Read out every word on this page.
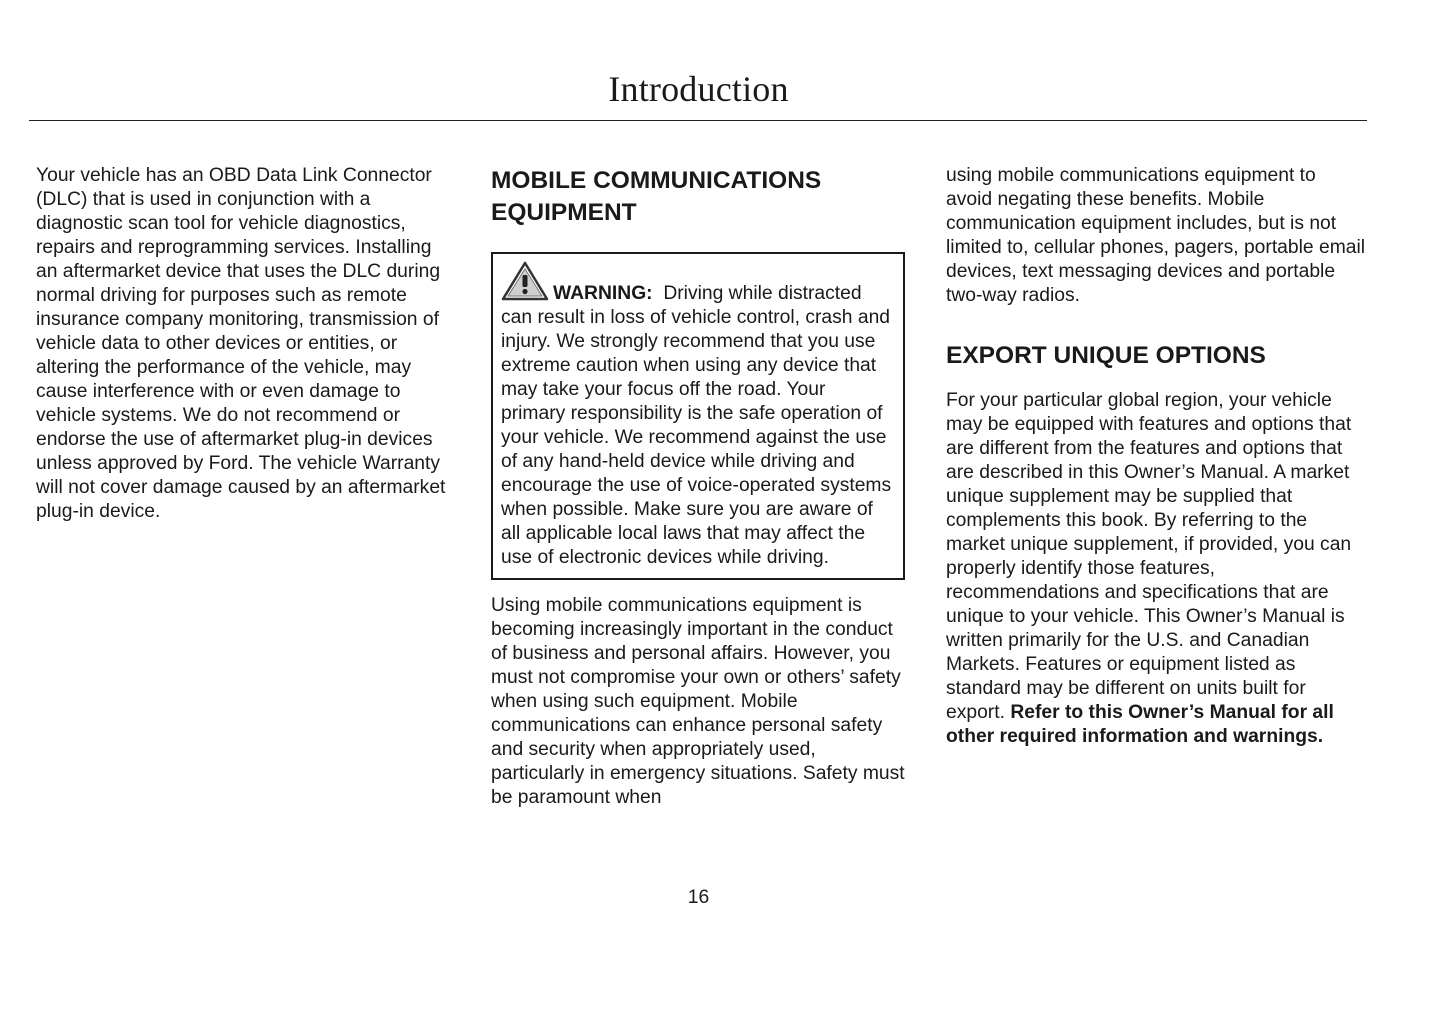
Introduction

Your vehicle has an OBD Data Link Connector (DLC) that is used in conjunction with a diagnostic scan tool for vehicle diagnostics, repairs and reprogramming services. Installing an aftermarket device that uses the DLC during normal driving for purposes such as remote insurance company monitoring, transmission of vehicle data to other devices or entities, or altering the performance of the vehicle, may cause interference with or even damage to vehicle systems. We do not recommend or endorse the use of aftermarket plug-in devices unless approved by Ford. The vehicle Warranty will not cover damage caused by an aftermarket plug-in device.

MOBILE COMMUNICATIONS EQUIPMENT
WARNING: Driving while distracted can result in loss of vehicle control, crash and injury. We strongly recommend that you use extreme caution when using any device that may take your focus off the road. Your primary responsibility is the safe operation of your vehicle. We recommend against the use of any hand-held device while driving and encourage the use of voice-operated systems when possible. Make sure you are aware of all applicable local laws that may affect the use of electronic devices while driving.

Using mobile communications equipment is becoming increasingly important in the conduct of business and personal affairs. However, you must not compromise your own or others’ safety when using such equipment. Mobile communications can enhance personal safety and security when appropriately used, particularly in emergency situations. Safety must be paramount when

using mobile communications equipment to avoid negating these benefits. Mobile communication equipment includes, but is not limited to, cellular phones, pagers, portable email devices, text messaging devices and portable two-way radios.

EXPORT UNIQUE OPTIONS

For your particular global region, your vehicle may be equipped with features and options that are different from the features and options that are described in this Owner’s Manual. A market unique supplement may be supplied that complements this book. By referring to the market unique supplement, if provided, you can properly identify those features, recommendations and specifications that are unique to your vehicle. This Owner’s Manual is written primarily for the U.S. and Canadian Markets. Features or equipment listed as standard may be different on units built for export. Refer to this Owner’s Manual for all other required information and warnings.

16
